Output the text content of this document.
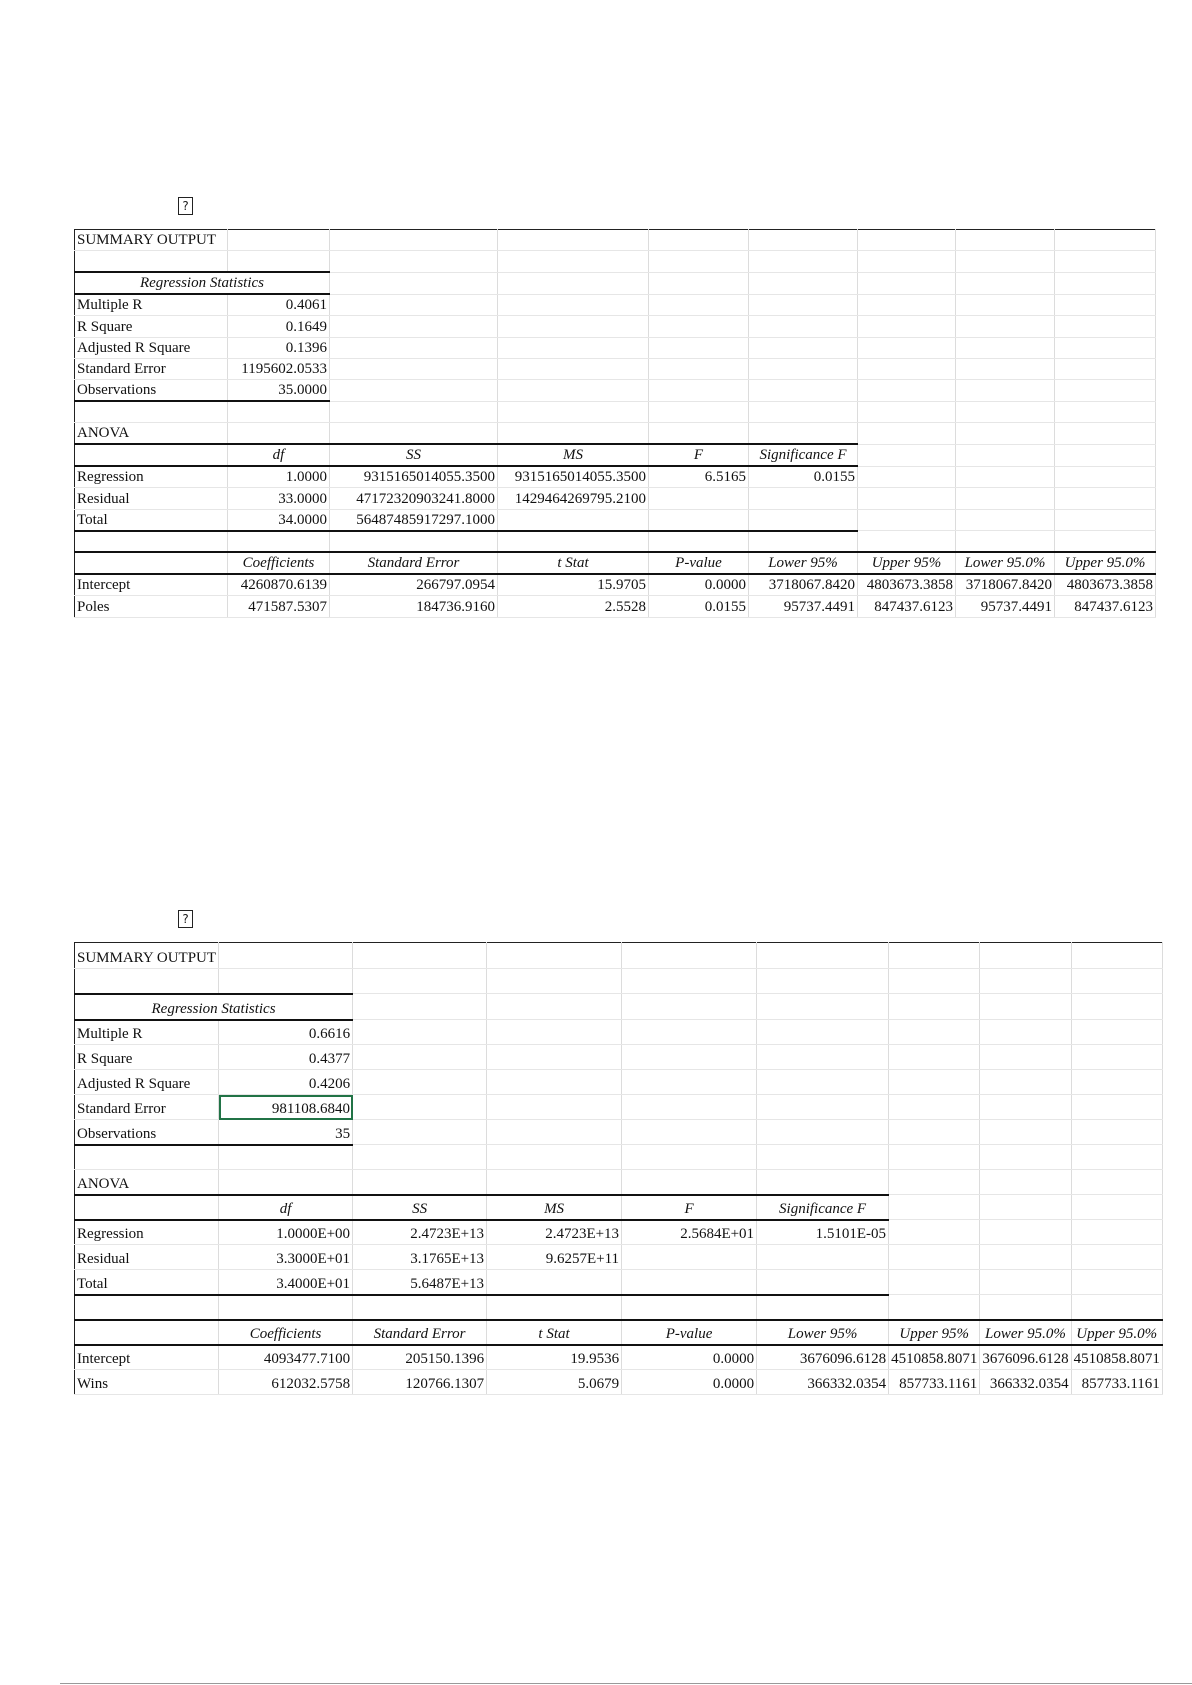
?
SUMMARY OUTPUT								

Regression Statistics								
Multiple R	0.4061							
R Square	0.1649							
Adjusted R Square	0.1396							
Standard Error	1195602.0533							
Observations	35.0000							

ANOVA								
	df	SS	MS	F	Significance F			
Regression	1.0000	9315165014055.3500	9315165014055.3500	6.5165	0.0155			
Residual	33.0000	47172320903241.8000	1429464269795.2100					
Total	34.0000	56487485917297.1000						

	Coefficients	Standard Error	t Stat	P-value	Lower 95%	Upper 95%	Lower 95.0%	Upper 95.0%
Intercept	4260870.6139	266797.0954	15.9705	0.0000	3718067.8420	4803673.3858	3718067.8420	4803673.3858
Poles	471587.5307	184736.9160	2.5528	0.0155	95737.4491	847437.6123	95737.4491	847437.6123
?
SUMMARY OUTPUT								

Regression Statistics								
Multiple R	0.6616							
R Square	0.4377							
Adjusted R Square	0.4206							
Standard Error	981108.6840							
Observations	35							

ANOVA								
	df	SS	MS	F	Significance F			
Regression	1.0000E+00	2.4723E+13	2.4723E+13	2.5684E+01	1.5101E-05			
Residual	3.3000E+01	3.1765E+13	9.6257E+11					
Total	3.4000E+01	5.6487E+13						

	Coefficients	Standard Error	t Stat	P-value	Lower 95%	Upper 95%	Lower 95.0%	Upper 95.0%
Intercept	4093477.7100	205150.1396	19.9536	0.0000	3676096.6128	4510858.8071	3676096.6128	4510858.8071
Wins	612032.5758	120766.1307	5.0679	0.0000	366332.0354	857733.1161	366332.0354	857733.1161
